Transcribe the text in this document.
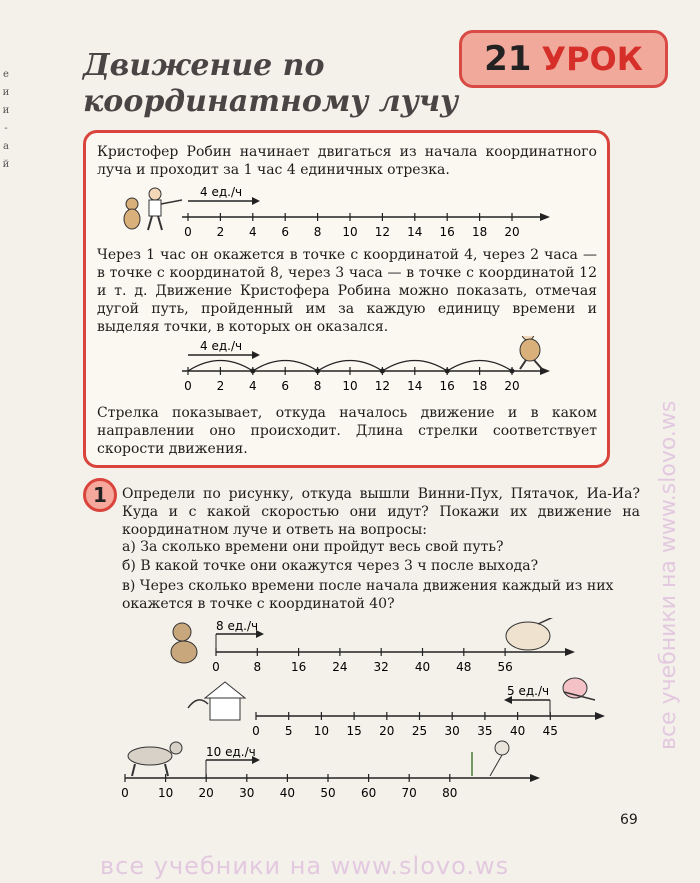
Движение по
координатному лучу
21 УРОК
е
и
и
-
а
й
Кристофер Робин начинает двигаться из начала координатного луча и проходит за 1 час 4 единичных отрезка.
4 ед./ч
0 2 4 6 8 10 12 14 16 18 20
Через 1 час он окажется в точке с координатой 4, через 2 часа — в точке с координатой 8, через 3 часа — в точке с координатой 12 и т. д. Движение Кристофера Робина можно показать, отмечая дугой путь, пройденный им за каждую единицу времени и выделяя точки, в которых он оказался.
4 ед./ч
0 2 4 6 8 10 12 14 16 18 20
Стрелка показывает, откуда началось движение и в каком направлении оно происходит. Длина стрелки соответствует скорости движения.
1	Определи по рисунку, откуда вышли Винни-Пух, Пятачок, Иа-Иа? Куда и с какой скоростью они идут? Покажи их движение на координатном луче и ответь на вопросы:
а) За сколько времени они пройдут весь свой путь?
б) В какой точке они окажутся через 3 ч после выхода?
в) Через сколько времени после начала движения каждый из них окажется в точке с координатой 40?
8 ед./ч
0	8 16 24 32 40 48 56
5 ед./ч
0 5 10 15 20 25 30 35 40 45
10 ед./ч
0 10 20 30 40 50 60 70 80
69
все учебники на www.slovo.ws
все учебники на www.slovo.ws
